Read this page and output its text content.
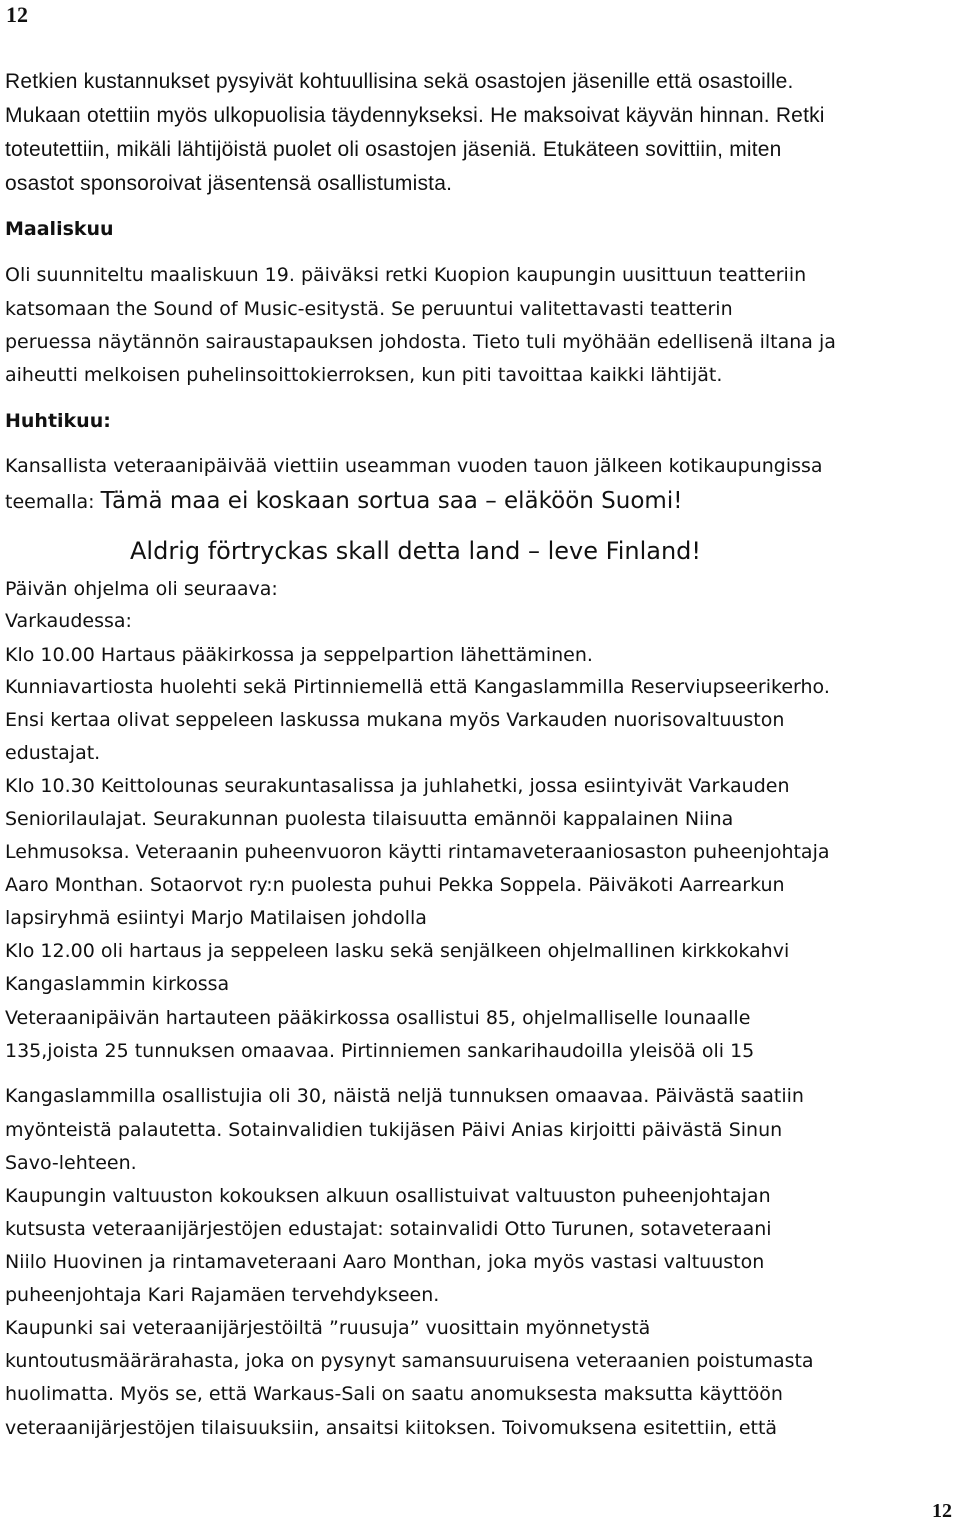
12
Retkien kustannukset pysyivät kohtuullisina sekä osastojen jäsenille että osastoille.
Mukaan otettiin myös ulkopuolisia täydennykseksi. He maksoivat käyvän hinnan. Retki
toteutettiin, mikäli lähtijöistä puolet oli osastojen jäseniä. Etukäteen sovittiin, miten
osastot sponsoroivat jäsentensä osallistumista.
Maaliskuu
Oli suunniteltu maaliskuun 19. päiväksi retki Kuopion kaupungin uusittuun teatteriin
katsomaan the Sound of Music-esitystä. Se peruuntui valitettavasti teatterin
peruessa näytännön sairaustapauksen johdosta. Tieto tuli myöhään edellisenä iltana ja
aiheutti melkoisen puhelinsoittokierroksen, kun piti tavoittaa kaikki lähtijät.
Huhtikuu:
Kansallista veteraanipäivää viettiin useamman vuoden tauon jälkeen kotikaupungissa
teemalla: Tämä maa ei koskaan sortua saa – eläköön Suomi!
Aldrig förtryckas skall detta land – leve Finland!
Päivän ohjelma oli seuraava:
Varkaudessa:
Klo 10.00 Hartaus pääkirkossa ja seppelpartion lähettäminen.
Kunniavartiosta huolehti sekä Pirtinniemellä että Kangaslammilla Reserviupseerikerho.
Ensi kertaa olivat seppeleen laskussa mukana myös Varkauden nuorisovaltuuston
edustajat.
Klo 10.30 Keittolounas seurakuntasalissa ja juhlahetki, jossa esiintyivät Varkauden
Seniorilaulajat. Seurakunnan puolesta tilaisuutta emännöi kappalainen Niina
Lehmusoksa. Veteraanin puheenvuoron käytti rintamaveteraaniosaston puheenjohtaja
Aaro Monthan. Sotaorvot ry:n puolesta puhui Pekka Soppela. Päiväkoti Aarrearkun
lapsiryhmä esiintyi Marjo Matilaisen johdolla
Klo 12.00 oli hartaus ja seppeleen lasku sekä senjälkeen ohjelmallinen kirkkokahvi
Kangaslammin kirkossa
Veteraanipäivän hartauteen pääkirkossa osallistui 85, ohjelmalliselle lounaalle
135,joista 25 tunnuksen omaavaa. Pirtinniemen sankarihaudoilla yleisöä oli 15
Kangaslammilla osallistujia oli 30, näistä neljä tunnuksen omaavaa. Päivästä saatiin
myönteistä palautetta. Sotainvalidien tukijäsen Päivi Anias kirjoitti päivästä Sinun
Savo-lehteen.
Kaupungin valtuuston kokouksen alkuun osallistuivat valtuuston puheenjohtajan
kutsusta veteraanijärjestöjen edustajat: sotainvalidi Otto Turunen, sotaveteraani
Niilo Huovinen ja rintamaveteraani Aaro Monthan, joka myös vastasi valtuuston
puheenjohtaja Kari Rajamäen tervehdykseen.
Kaupunki sai veteraanijärjestöiltä ”ruusuja” vuosittain myönnetystä
kuntoutusmäärärahasta, joka on pysynyt samansuuruisena veteraanien poistumasta
huolimatta. Myös se, että Warkaus-Sali on saatu anomuksesta maksutta käyttöön
veteraanijärjestöjen tilaisuuksiin, ansaitsi kiitoksen. Toivomuksena esitettiin, että
12
